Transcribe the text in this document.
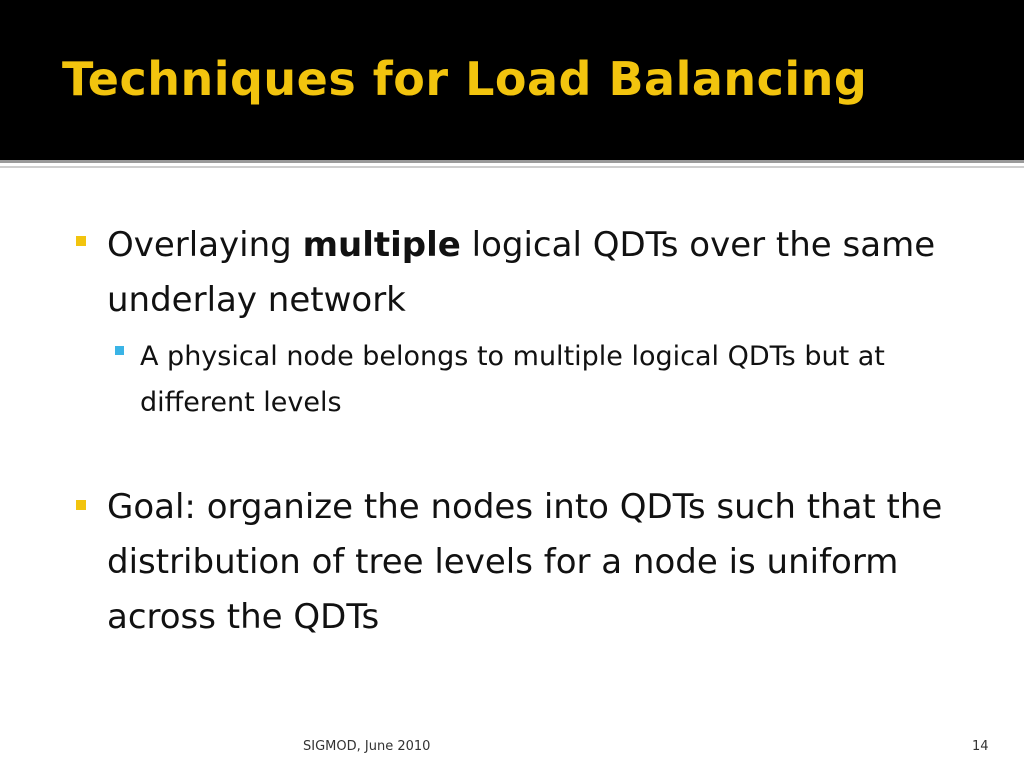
Techniques for Load Balancing
Overlaying multiple logical QDTs over the same underlay network
A physical node belongs to multiple logical QDTs but at different levels
Goal: organize the nodes into QDTs such that the distribution of tree levels for a node is uniform across the QDTs
SIGMOD, June 2010	14
